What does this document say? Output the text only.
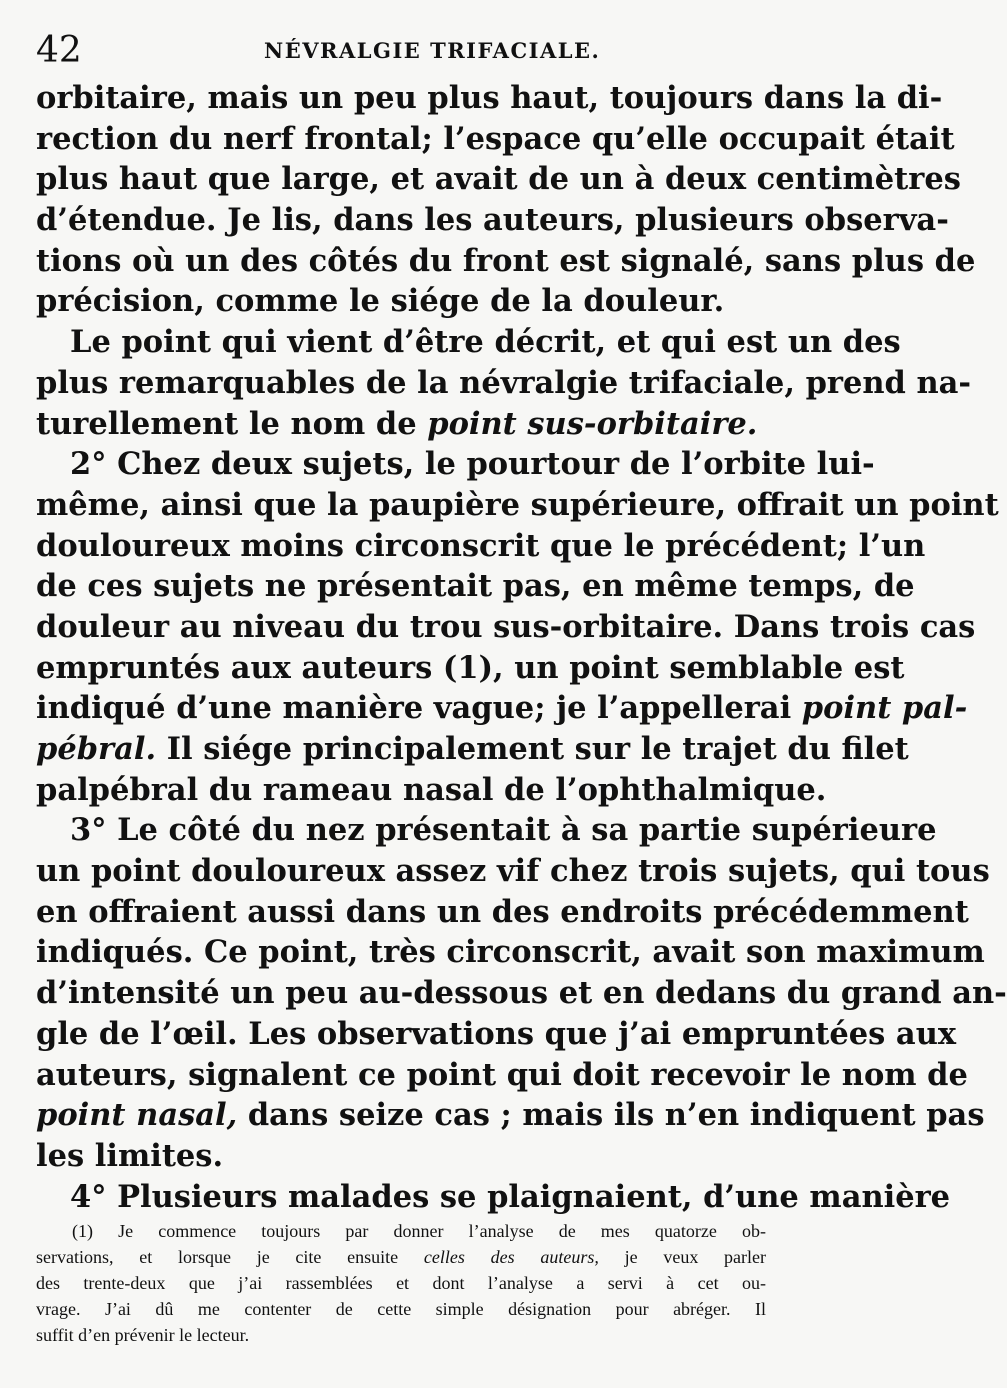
42	NÉVRALGIE TRIFACIALE.
orbitaire, mais un peu plus haut, toujours dans la di-
rection du nerf frontal; l’espace qu’elle occupait était
plus haut que large, et avait de un à deux centimètres
d’étendue. Je lis, dans les auteurs, plusieurs observa-
tions où un des côtés du front est signalé, sans plus de
précision, comme le siége de la douleur.
Le point qui vient d’être décrit, et qui est un des
plus remarquables de la névralgie trifaciale, prend na-
turellement le nom de point sus-orbitaire.
2° Chez deux sujets, le pourtour de l’orbite lui-
même, ainsi que la paupière supérieure, offrait un point
douloureux moins circonscrit que le précédent; l’un
de ces sujets ne présentait pas, en même temps, de
douleur au niveau du trou sus-orbitaire. Dans trois cas
empruntés aux auteurs (1), un point semblable est
indiqué d’une manière vague; je l’appellerai point pal-
pébral. Il siége principalement sur le trajet du filet
palpébral du rameau nasal de l’ophthalmique.
3° Le côté du nez présentait à sa partie supérieure
un point douloureux assez vif chez trois sujets, qui tous
en offraient aussi dans un des endroits précédemment
indiqués. Ce point, très circonscrit, avait son maximum
d’intensité un peu au-dessous et en dedans du grand an-
gle de l’œil. Les observations que j’ai empruntées aux
auteurs, signalent ce point qui doit recevoir le nom de
point nasal, dans seize cas ; mais ils n’en indiquent pas
les limites.
4° Plusieurs malades se plaignaient, d’une manière
(1) Je commence toujours par donner l’analyse de mes quatorze ob-
servations, et lorsque je cite ensuite celles des auteurs, je veux parler
des trente-deux que j’ai rassemblées et dont l’analyse a servi à cet ou-
vrage. J’ai dû me contenter de cette simple désignation pour abréger. Il
suffit d’en prévenir le lecteur.
